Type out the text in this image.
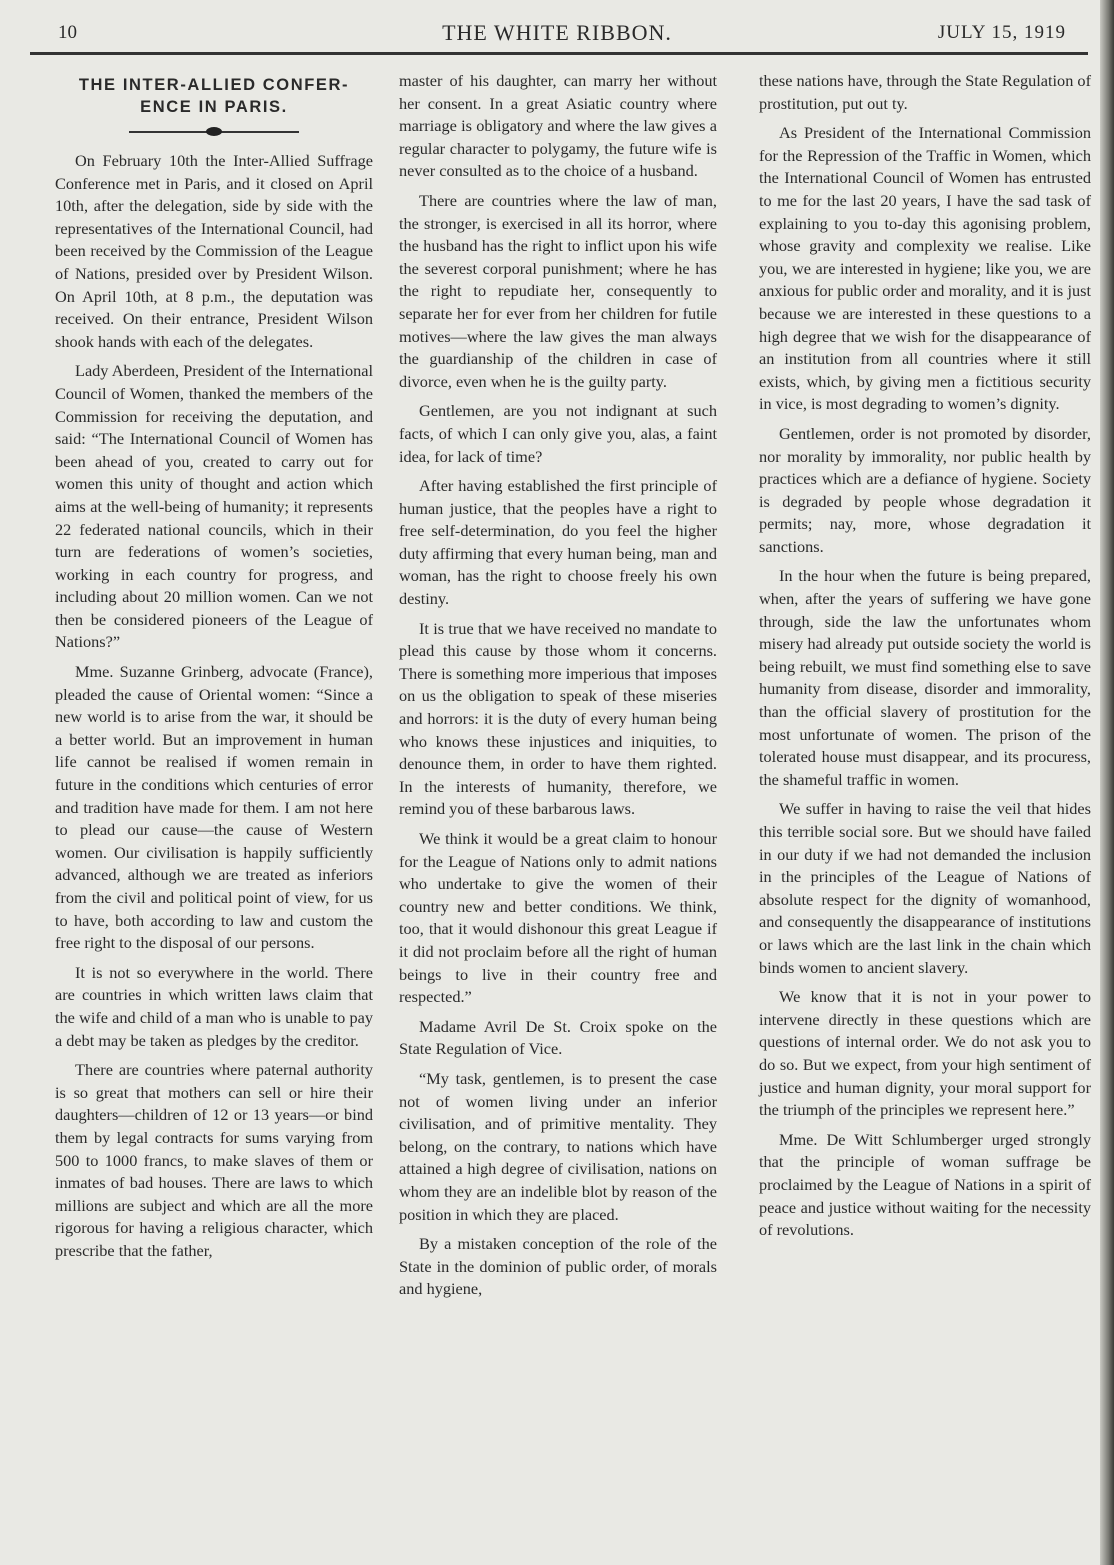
10	THE WHITE RIBBON.	JULY 15, 1919
THE INTER-ALLIED CONFER-
ENCE IN PARIS.

On February 10th the Inter-Allied Suffrage Conference met in Paris, and it closed on April 10th, after the delegation, side by side with the representatives of the International Council, had been received by the Commission of the League of Nations, presided over by President Wilson. On April 10th, at 8 p.m., the deputation was received. On their entrance, President Wilson shook hands with each of the delegates.

Lady Aberdeen, President of the International Council of Women, thanked the members of the Commission for receiving the deputation, and said: “The International Council of Women has been ahead of you, created to carry out for women this unity of thought and action which aims at the well-being of humanity; it represents 22 federated national councils, which in their turn are federations of women’s societies, working in each country for progress, and including about 20 million women. Can we not then be considered pioneers of the League of Nations?”

Mme. Suzanne Grinberg, advocate (France), pleaded the cause of Oriental women: “Since a new world is to arise from the war, it should be a better world. But an improvement in human life cannot be realised if women remain in future in the conditions which centuries of error and tradition have made for them. I am not here to plead our cause—the cause of Western women. Our civilisation is happily sufficiently advanced, although we are treated as inferiors from the civil and political point of view, for us to have, both according to law and custom the free right to the disposal of our persons.

It is not so everywhere in the world. There are countries in which written laws claim that the wife and child of a man who is unable to pay a debt may be taken as pledges by the creditor.

There are countries where paternal authority is so great that mothers can sell or hire their daughters—children of 12 or 13 years—or bind them by legal contracts for sums varying from 500 to 1000 francs, to make slaves of them or inmates of bad houses. There are laws to which millions are subject and which are all the more rigorous for having a religious character, which prescribe that the father,

master of his daughter, can marry her without her consent. In a great Asiatic country where marriage is obligatory and where the law gives a regular character to polygamy, the future wife is never consulted as to the choice of a husband.

There are countries where the law of man, the stronger, is exercised in all its horror, where the husband has the right to inflict upon his wife the severest corporal punishment; where he has the right to repudiate her, consequently to separate her for ever from her children for futile motives—where the law gives the man always the guardianship of the children in case of divorce, even when he is the guilty party.

Gentlemen, are you not indignant at such facts, of which I can only give you, alas, a faint idea, for lack of time?

After having established the first principle of human justice, that the peoples have a right to free self-determination, do you feel the higher duty affirming that every human being, man and woman, has the right to choose freely his own destiny.

It is true that we have received no mandate to plead this cause by those whom it concerns. There is something more imperious that imposes on us the obligation to speak of these miseries and horrors: it is the duty of every human being who knows these injustices and iniquities, to denounce them, in order to have them righted. In the interests of humanity, therefore, we remind you of these barbarous laws.

We think it would be a great claim to honour for the League of Nations only to admit nations who undertake to give the women of their country new and better conditions. We think, too, that it would dishonour this great League if it did not proclaim before all the right of human beings to live in their country free and respected.”

Madame Avril De St. Croix spoke on the State Regulation of Vice.

“My task, gentlemen, is to present the case not of women living under an inferior civilisation, and of primitive mentality. They belong, on the contrary, to nations which have attained a high degree of civilisation, nations on whom they are an indelible blot by reason of the position in which they are placed.

By a mistaken conception of the role of the State in the dominion of public order, of morals and hygiene,

these nations have, through the State Regulation of prostitution, put out ty.

As President of the International Commission for the Repression of the Traffic in Women, which the International Council of Women has entrusted to me for the last 20 years, I have the sad task of explaining to you to-day this agonising problem, whose gravity and complexity we realise. Like you, we are interested in hygiene; like you, we are anxious for public order and morality, and it is just because we are interested in these questions to a high degree that we wish for the disappearance of an institution from all countries where it still exists, which, by giving men a fictitious security in vice, is most degrading to women’s dignity.

Gentlemen, order is not promoted by disorder, nor morality by immorality, nor public health by practices which are a defiance of hygiene. Society is degraded by people whose degradation it permits; nay, more, whose degradation it sanctions.

In the hour when the future is being prepared, when, after the years of suffering we have gone through, side the law the unfortunates whom misery had already put outside society the world is being rebuilt, we must find something else to save humanity from disease, disorder and immorality, than the official slavery of prostitution for the most unfortunate of women. The prison of the tolerated house must disappear, and its procuress, the shameful traffic in women.

We suffer in having to raise the veil that hides this terrible social sore. But we should have failed in our duty if we had not demanded the inclusion in the principles of the League of Nations of absolute respect for the dignity of womanhood, and consequently the disappearance of institutions or laws which are the last link in the chain which binds women to ancient slavery.

We know that it is not in your power to intervene directly in these questions which are questions of internal order. We do not ask you to do so. But we expect, from your high sentiment of justice and human dignity, your moral support for the triumph of the principles we represent here.”

Mme. De Witt Schlumberger urged strongly that the principle of woman suffrage be proclaimed by the League of Nations in a spirit of peace and justice without waiting for the necessity of revolutions.
